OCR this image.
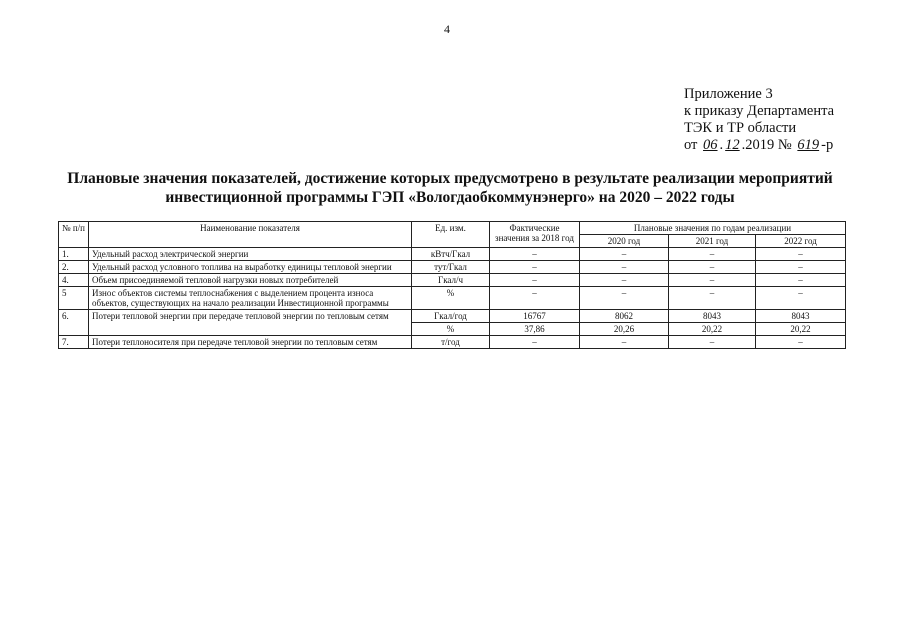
4
Приложение 3
к приказу Департамента
ТЭК и ТР области
от 06 . 12 .2019 № 619 -р
Плановые значения показателей, достижение которых предусмотрено в результате реализации мероприятий
инвестиционной программы ГЭП «Вологдаобкоммунэнерго» на 2020 – 2022 годы
№ п/п	Наименование показателя	Ед. изм.	Фактические значения за 2018 год	Плановые значения по годам реализации		
				2020 год	2021 год	2022 год
1.	Удельный расход электрической энергии	кВтч/Гкал	–	–	–	–
2.	Удельный расход условного топлива на выработку единицы тепловой энергии	тут/Гкал	–	–	–	–
4.	Объем присоединяемой тепловой нагрузки новых потребителей	Гкал/ч	–	–	–	–
5	Износ объектов системы теплоснабжения с выделением процента износа объектов, существующих на начало реализации Инвестиционной программы	%	–	–	–	–
6.	Потери тепловой энергии при передаче тепловой энергии по тепловым сетям	Гкал/год	16767	8062	8043	8043
		%	37,86	20,26	20,22	20,22
7.	Потери теплоносителя при передаче тепловой энергии по тепловым сетям	т/год	–	–	–	–
